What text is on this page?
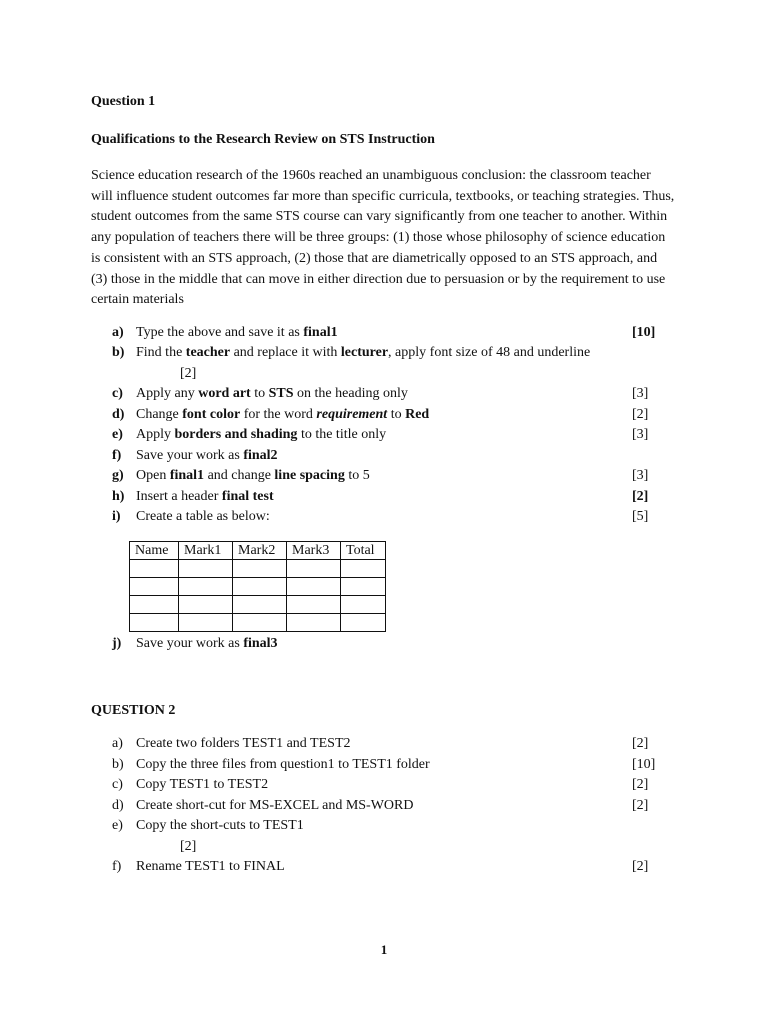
Question 1
Qualifications to the Research Review on STS Instruction
Science education research of the 1960s reached an unambiguous conclusion: the classroom teacher will influence student outcomes far more than specific curricula, textbooks, or teaching strategies. Thus, student outcomes from the same STS course can vary significantly from one teacher to another. Within any population of teachers there will be three groups: (1) those whose philosophy of science education is consistent with an STS approach, (2) those that are diametrically opposed to an STS approach, and (3) those in the middle that can move in either direction due to persuasion or by the requirement to use certain materials
a) Type the above and save it as final1	[10]
b) Find the teacher and replace it with lecturer, apply font size of 48 and underline
[2]
c) Apply any word art to STS on the heading only	[3]
d) Change font color for the word requirement to Red	[2]
e) Apply borders and shading to the title only	[3]
f) Save your work as final2
g) Open final1 and change line spacing to 5	[3]
h) Insert a header final test	[2]
i) Create a table as below:	[5]
Name	Mark1	Mark2	Mark3	Total

j) Save your work as final3
QUESTION 2
a) Create two folders TEST1 and TEST2	[2]
b) Copy the three files from question1 to TEST1 folder	[10]
c) Copy TEST1 to TEST2	[2]
d) Create short-cut for MS-EXCEL and MS-WORD	[2]
e) Copy the short-cuts to TEST1
[2]
f) Rename TEST1 to FINAL	[2]
1
